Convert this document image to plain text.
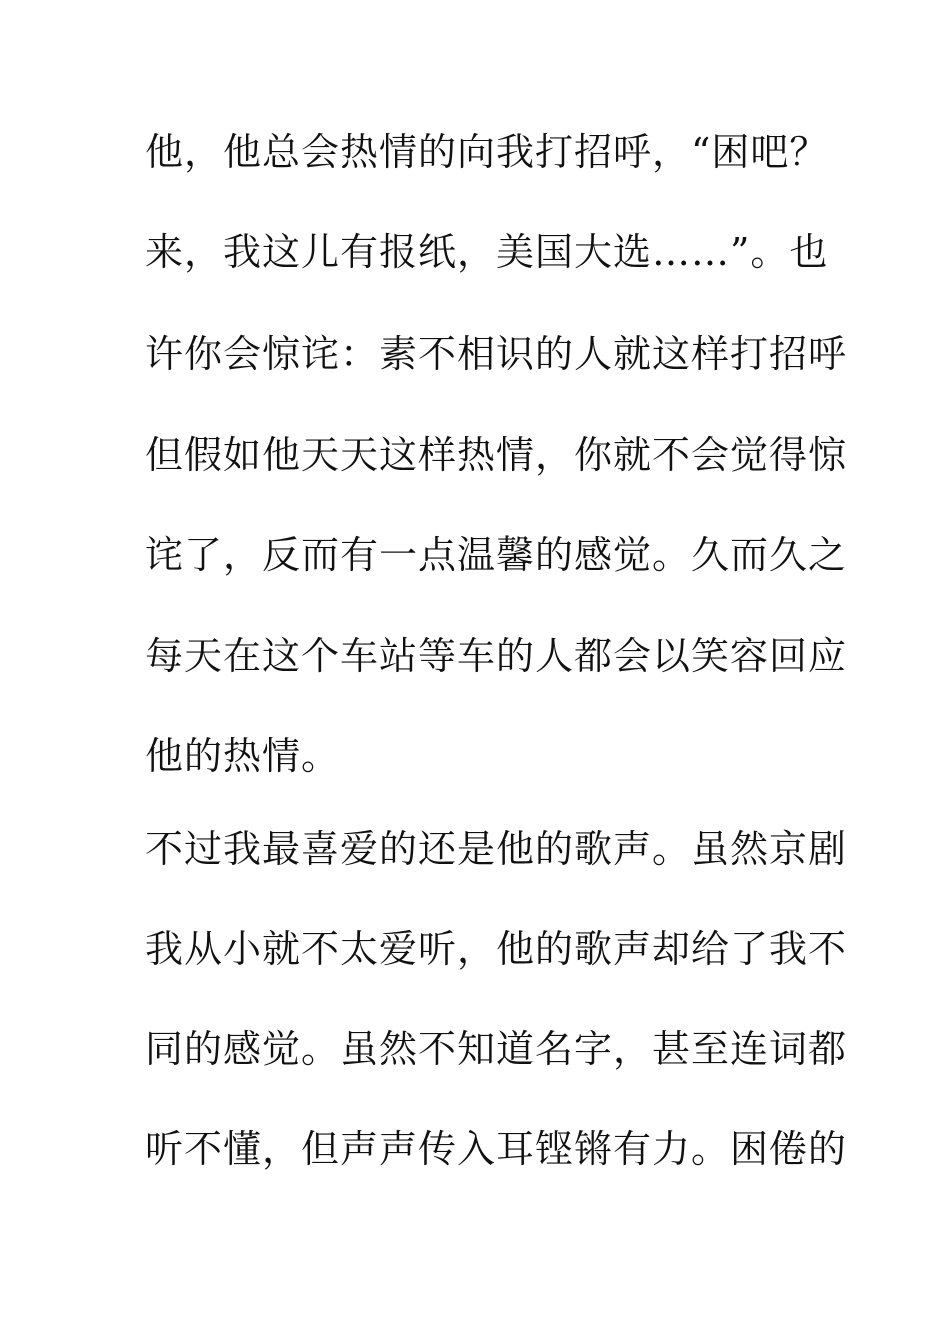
他，他总会热情的向我打招呼，“困吧？
来，我这儿有报纸，美国大选……”。也
许你会惊诧：素不相识的人就这样打招呼
但假如他天天这样热情，你就不会觉得惊
诧了，反而有一点温馨的感觉。久而久之
每天在这个车站等车的人都会以笑容回应
他的热情。
不过我最喜爱的还是他的歌声。虽然京剧
我从小就不太爱听，他的歌声却给了我不
同的感觉。虽然不知道名字，甚至连词都
听不懂，但声声传入耳铿锵有力。困倦的
